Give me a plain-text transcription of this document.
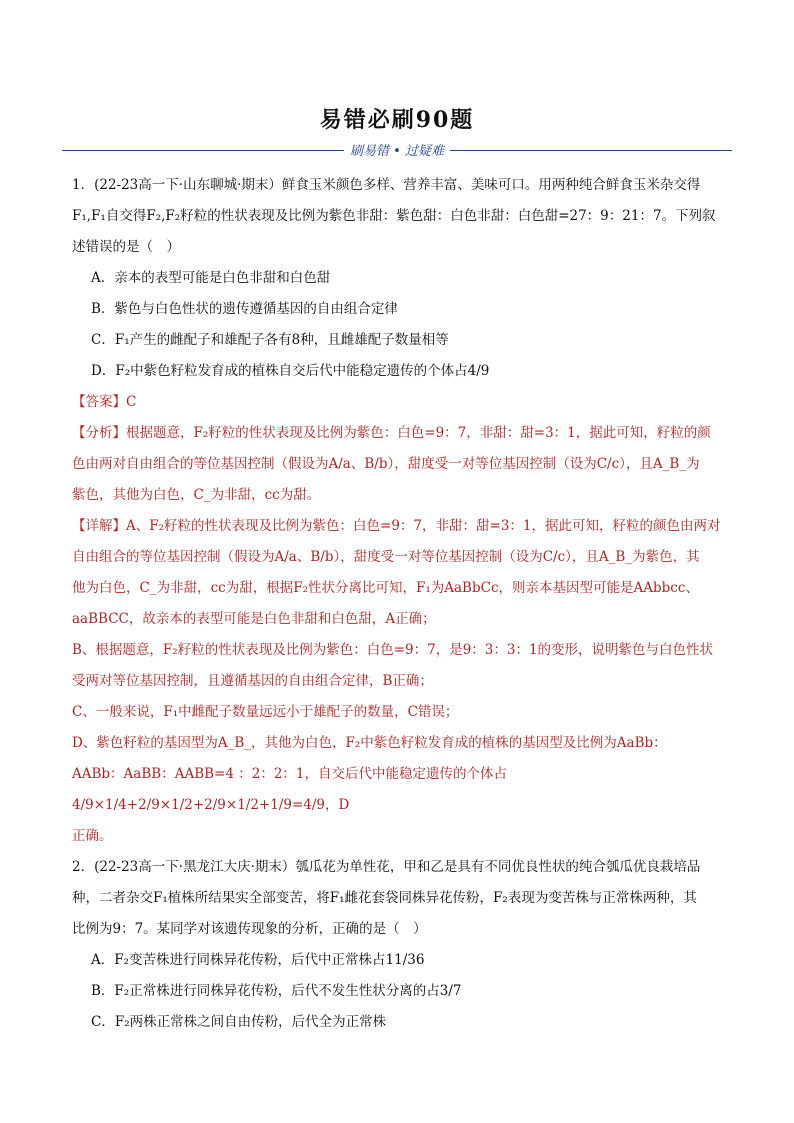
易错必刷90题
刷易错 • 过疑难

1．(22-23高一下·山东聊城·期末）鲜食玉米颜色多样、营养丰富、美味可口。用两种纯合鲜食玉米杂交得

F₁,F₁自交得F₂,F₂籽粒的性状表现及比例为紫色非甜：紫色甜：白色非甜：白色甜=27：9：21：7。下列叙

述错误的是（　）

A．亲本的表型可能是白色非甜和白色甜

B．紫色与白色性状的遗传遵循基因的自由组合定律

C．F₁产生的雌配子和雄配子各有8种，且雌雄配子数量相等

D．F₂中紫色籽粒发育成的植株自交后代中能稳定遗传的个体占4/9

【答案】C

【分析】根据题意，F₂籽粒的性状表现及比例为紫色：白色=9：7，非甜：甜=3：1，据此可知，籽粒的颜

色由两对自由组合的等位基因控制（假设为A/a、B/b），甜度受一对等位基因控制（设为C/c），且A_B_为

紫色，其他为白色，C_为非甜，cc为甜。

【详解】A、F₂籽粒的性状表现及比例为紫色：白色=9：7，非甜：甜=3：1，据此可知，籽粒的颜色由两对

自由组合的等位基因控制（假设为A/a、B/b），甜度受一对等位基因控制（设为C/c），且A_B_为紫色，其

他为白色，C_为非甜，cc为甜，根据F₂性状分离比可知，F₁为AaBbCc，则亲本基因型可能是AAbbcc、

aaBBCC，故亲本的表型可能是白色非甜和白色甜，A正确；

B、根据题意，F₂籽粒的性状表现及比例为紫色：白色=9：7，是9：3：3：1的变形，说明紫色与白色性状

受两对等位基因控制，且遵循基因的自由组合定律，B正确；

C、一般来说，F₁中雌配子数量远远小于雄配子的数量，C错误；

D、紫色籽粒的基因型为A_B_，其他为白色，F₂中紫色籽粒发育成的植株的基因型及比例为AaBb：

AABb：AaBB：AABB=4 ：2：2：1，自交后代中能稳定遗传的个体占4/9×1/4+2/9×1/2+2/9×1/2+1/9=4/9，D

正确。

2．(22-23高一下·黑龙江大庆·期末）瓠瓜花为单性花，甲和乙是具有不同优良性状的纯合瓠瓜优良栽培品

种，二者杂交F₁植株所结果实全部变苦，将F₁雌花套袋同株异花传粉，F₂表现为变苦株与正常株两种，其

比例为9：7。某同学对该遗传现象的分析，正确的是（　）

A．F₂变苦株进行同株异花传粉，后代中正常株占11/36

B．F₂正常株进行同株异花传粉，后代不发生性状分离的占3/7

C．F₂两株正常株之间自由传粉，后代全为正常株
